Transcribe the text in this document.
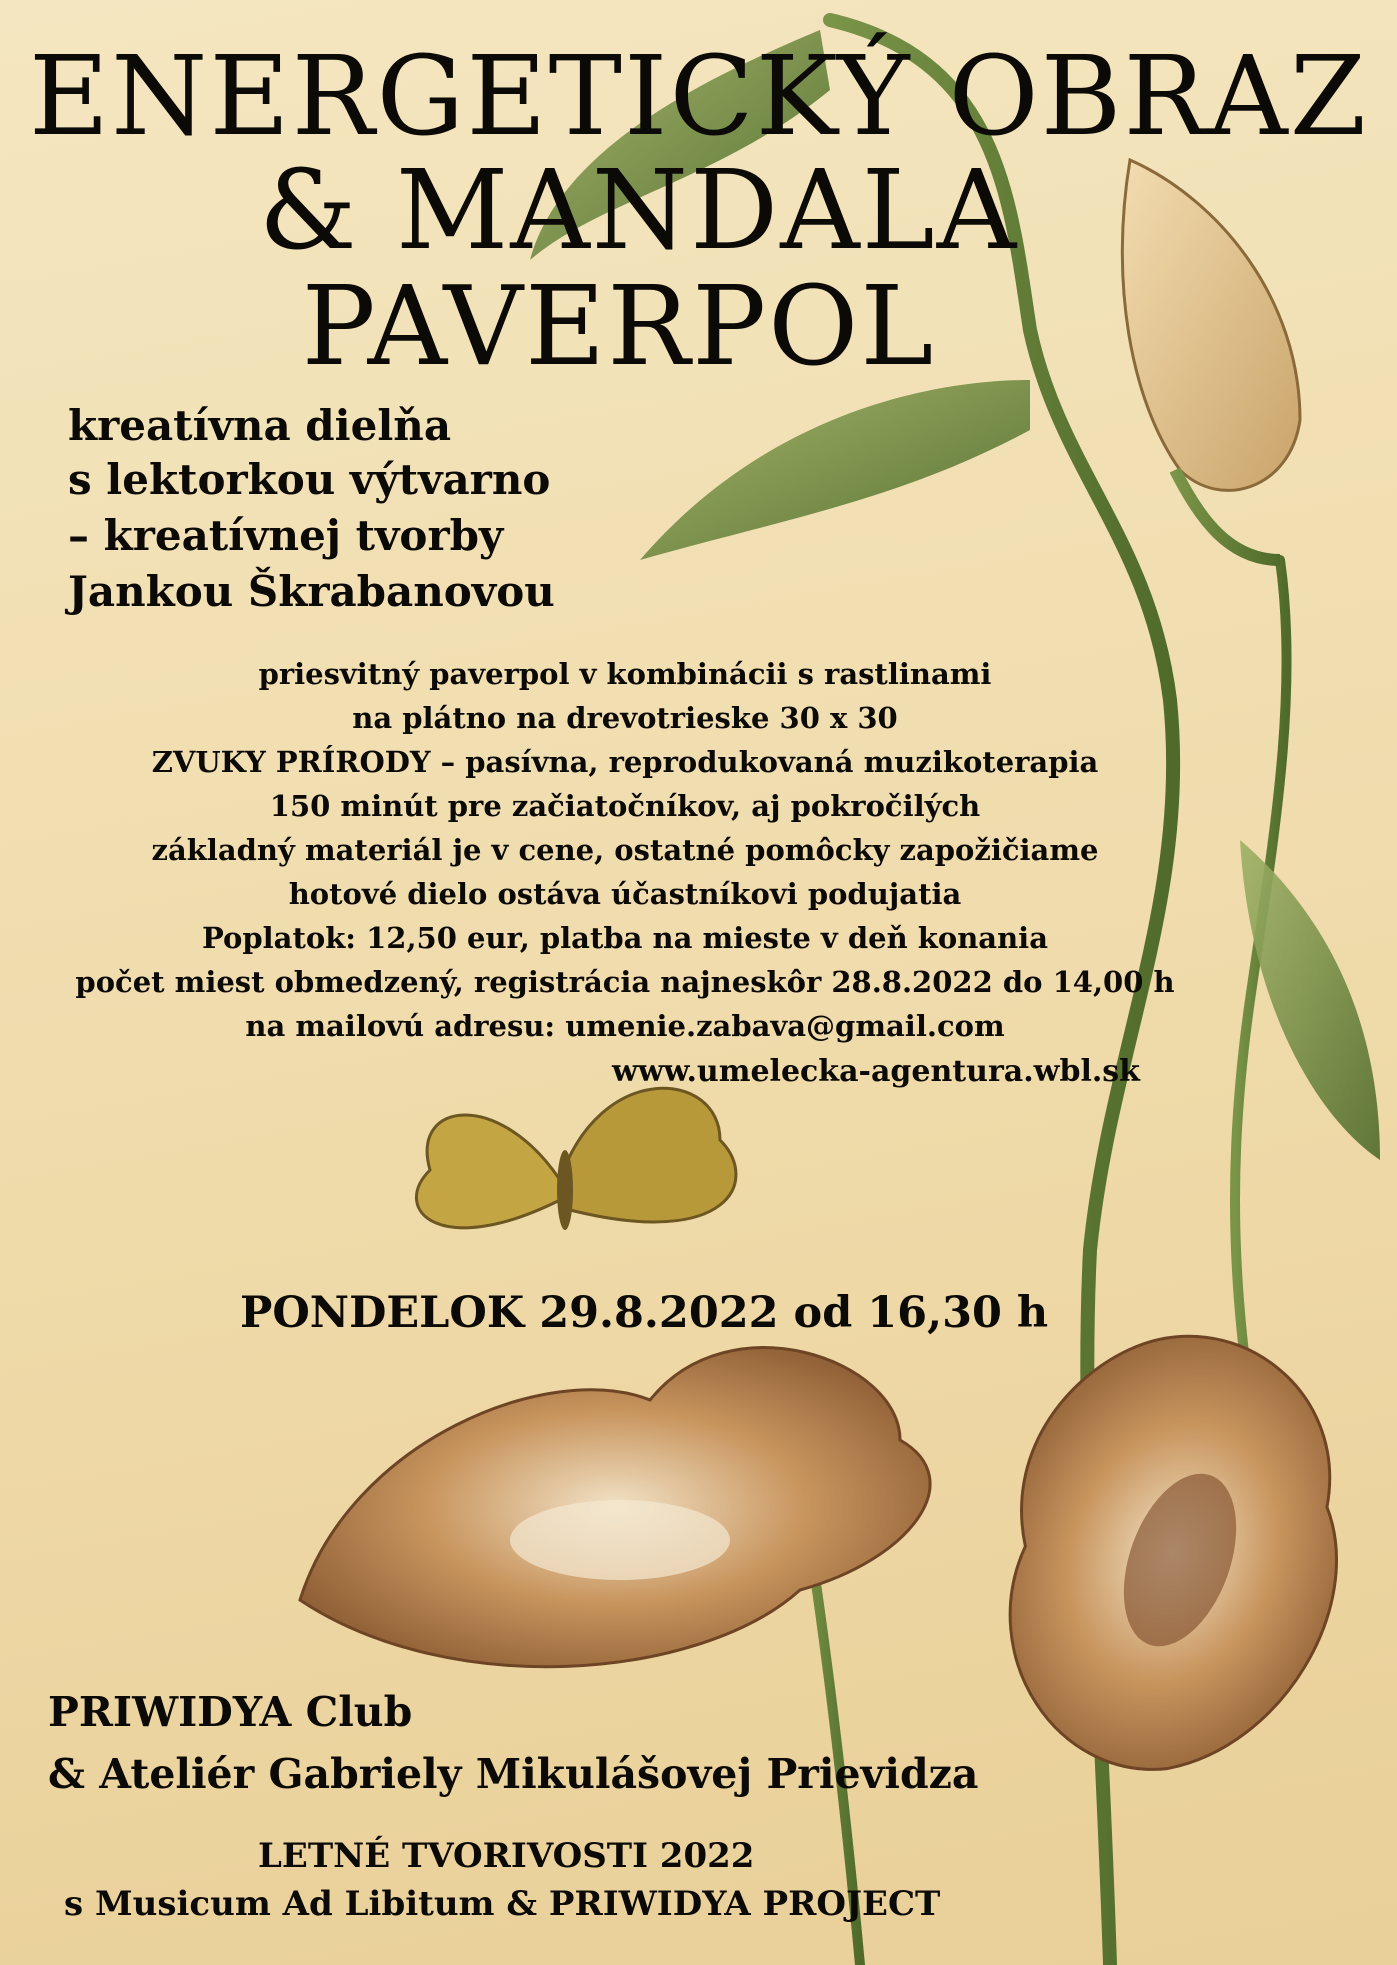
ENERGETICKÝ OBRAZ
& MANDALA
PAVERPOL
kreatívna dielňa
s lektorkou výtvarno
– kreatívnej tvorby
Jankou Škrabanovou
priesvitný paverpol v kombinácii s rastlinami
na plátno na drevotrieske 30 x 30
ZVUKY PRÍRODY – pasívna, reprodukovaná muzikoterapia
150 minút pre začiatočníkov, aj pokročilých
základný materiál je v cene, ostatné pomôcky zapožičiame
hotové dielo ostáva účastníkovi podujatia
Poplatok: 12,50 eur, platba na mieste v deň konania
počet miest obmedzený, registrácia najneskôr 28.8.2022 do 14,00 h
na mailovú adresu: umenie.zabava@gmail.com
www.umelecka-agentura.wbl.sk
PONDELOK 29.8.2022 od 16,30 h
PRIWIDYA Club
& Ateliér Gabriely Mikulášovej Prievidza
LETNÉ TVORIVOSTI 2022
s Musicum Ad Libitum & PRIWIDYA PROJECT
